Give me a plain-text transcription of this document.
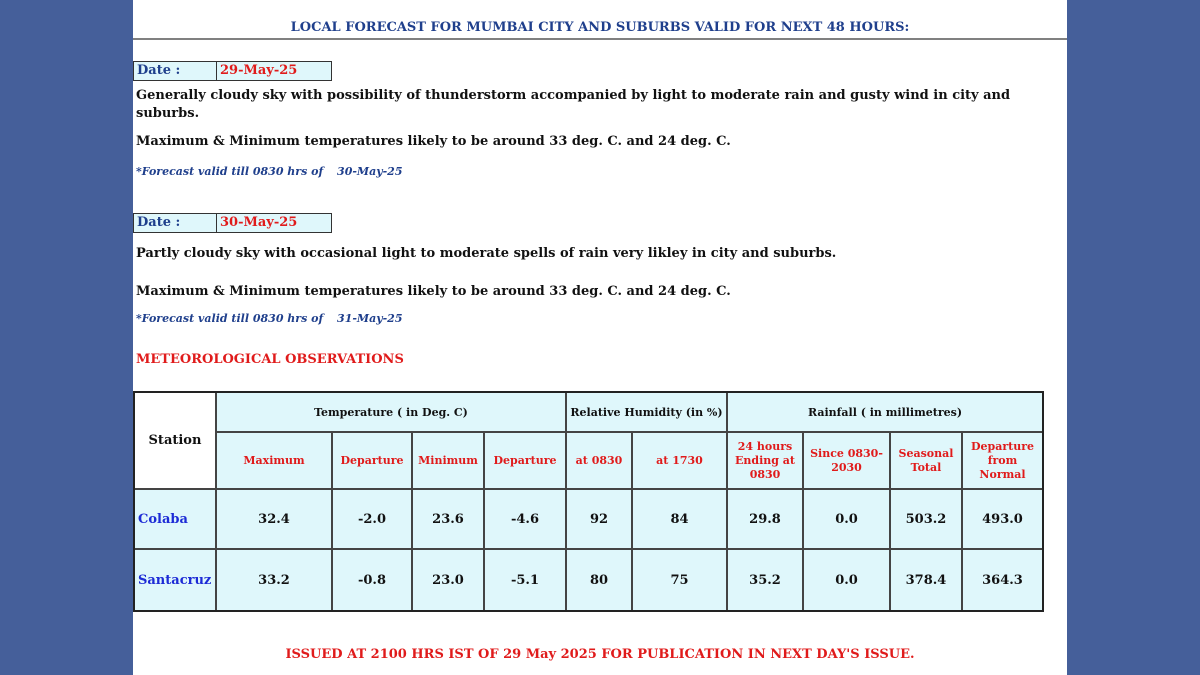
LOCAL FORECAST FOR MUMBAI CITY AND SUBURBS VALID FOR NEXT 48 HOURS:
Date :	29-May-25
Generally cloudy sky with possibility of thunderstorm accompanied by light to moderate rain and gusty wind in city and suburbs.
Maximum & Minimum temperatures likely to be around 33 deg. C. and 24 deg. C.
*Forecast valid till 0830 hrs of 30-May-25
Date :	30-May-25
Partly cloudy sky with occasional light to moderate spells of rain very likley in city and suburbs.
Maximum & Minimum temperatures likely to be around 33 deg. C. and 24 deg. C.
*Forecast valid till 0830 hrs of 31-May-25
METEOROLOGICAL OBSERVATIONS
Station	Temperature ( in Deg. C)				Relative Humidity (in %)		Rainfall ( in millimetres)			
	Maximum	Departure	Minimum	Departure	at 0830	at 1730	24 hours Ending at 0830	Since 0830-2030	Seasonal Total	Departure from Normal
Colaba	32.4	-2.0	23.6	-4.6	92	84	29.8	0.0	503.2	493.0
Santacruz	33.2	-0.8	23.0	-5.1	80	75	35.2	0.0	378.4	364.3
ISSUED AT 2100 HRS IST OF 29 May 2025 FOR PUBLICATION IN NEXT DAY'S ISSUE.
